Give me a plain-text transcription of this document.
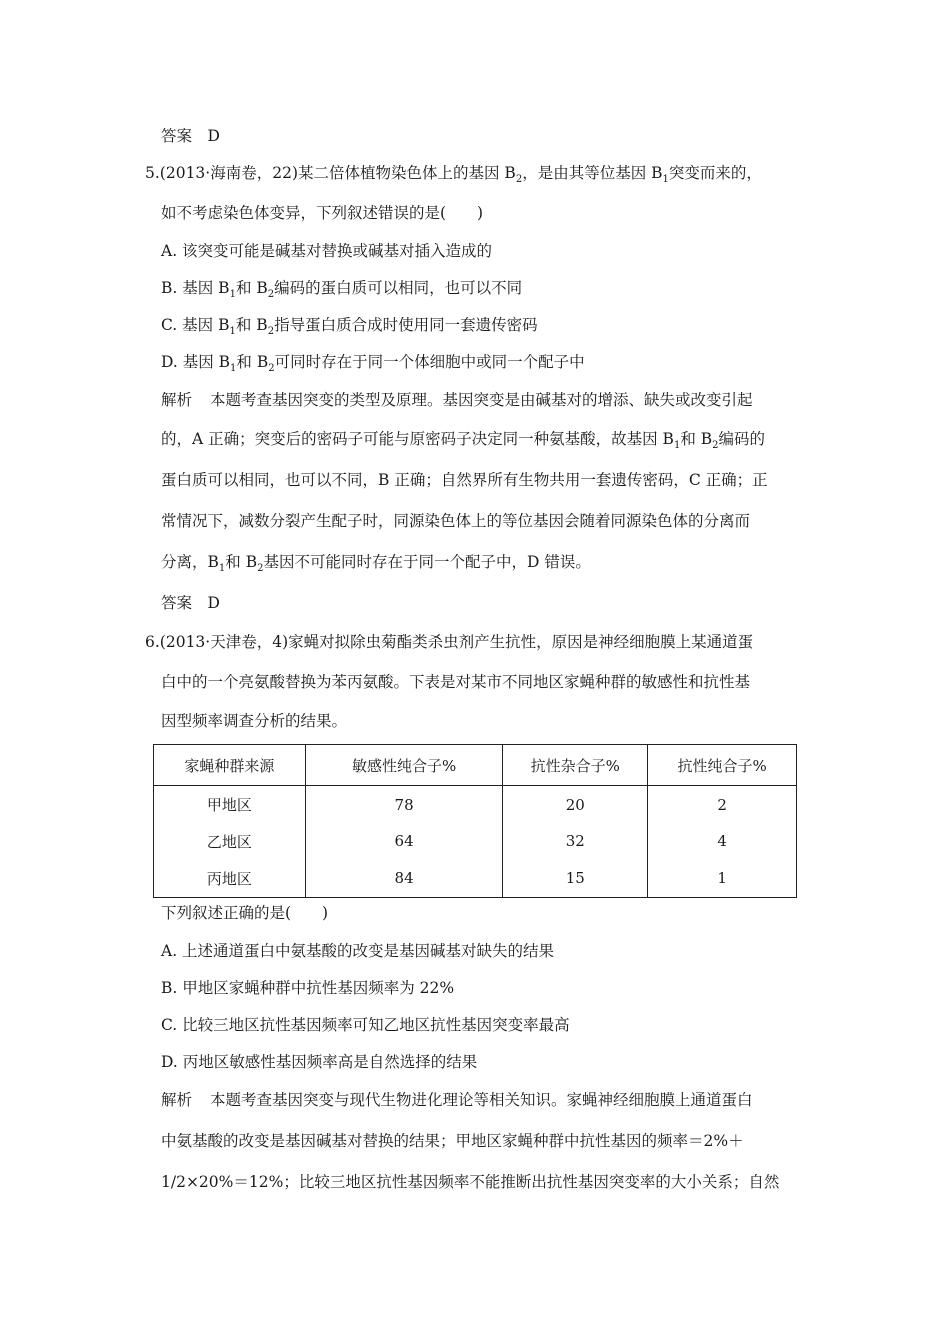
答案　D
5.(2013·海南卷，22)某二倍体植物染色体上的基因 $B_2$，是由其等位基因 $B_1$突变而来的，
如不考虑染色体变异，下列叙述错误的是(　　)
A. 该突变可能是碱基对替换或碱基对插入造成的
B. 基因 $B_1$和 $B_2$编码的蛋白质可以相同，也可以不同
C. 基因 $B_1$和 $B_2$指导蛋白质合成时使用同一套遗传密码
D. 基因 $B_1$和 $B_2$可同时存在于同一个体细胞中或同一个配子中
解析 本题考查基因突变的类型及原理。基因突变是由碱基对的增添、缺失或改变引起
的，A 正确；突变后的密码子可能与原密码子决定同一种氨基酸，故基因 $B_1$和 $B_2$编码的
蛋白质可以相同，也可以不同，B 正确；自然界所有生物共用一套遗传密码，C 正确；正
常情况下，减数分裂产生配子时，同源染色体上的等位基因会随着同源染色体的分离而
分离，$B_1$和 $B_2$基因不可能同时存在于同一个配子中，D 错误。
答案　D
6.(2013·天津卷，4)家蝇对拟除虫菊酯类杀虫剂产生抗性，原因是神经细胞膜上某通道蛋
白中的一个亮氨酸替换为苯丙氨酸。下表是对某市不同地区家蝇种群的敏感性和抗性基
因型频率调查分析的结果。
家蝇种群来源	敏感性纯合子%	抗性杂合子%	抗性纯合子%
甲地区	78	20	2
乙地区	64	32	4
丙地区	84	15	1
下列叙述正确的是(　　)
A. 上述通道蛋白中氨基酸的改变是基因碱基对缺失的结果
B. 甲地区家蝇种群中抗性基因频率为 22%
C. 比较三地区抗性基因频率可知乙地区抗性基因突变率最高
D. 丙地区敏感性基因频率高是自然选择的结果
解析 本题考查基因突变与现代生物进化理论等相关知识。家蝇神经细胞膜上通道蛋白
中氨基酸的改变是基因碱基对替换的结果；甲地区家蝇种群中抗性基因的频率＝2%＋
1/2×20%＝12%；比较三地区抗性基因频率不能推断出抗性基因突变率的大小关系；自然
